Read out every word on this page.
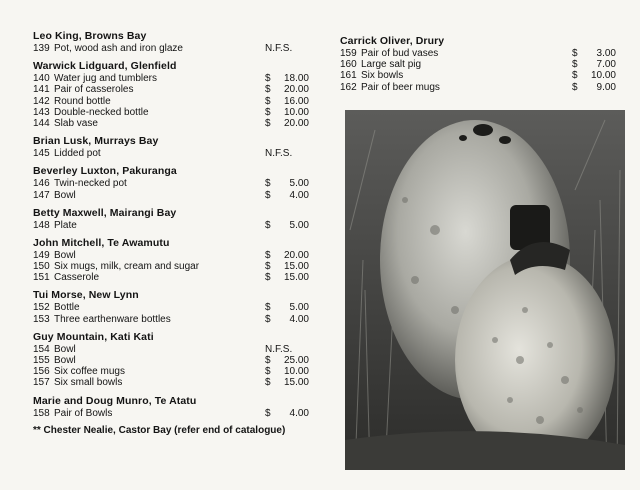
Leo King, Browns Bay
139 Pot, wood ash and iron glaze	N.F.S.
Warwick Lidguard, Glenfield
140 Water jug and tumblers	$ 18.00
141 Pair of casseroles	$ 20.00
142 Round bottle	$ 16.00
143 Double-necked bottle	$ 10.00
144 Slab vase	$ 20.00
Brian Lusk, Murrays Bay
145 Lidded pot	N.F.S.
Beverley Luxton, Pakuranga
146 Twin-necked pot	$ 5.00
147 Bowl	$ 4.00
Betty Maxwell, Mairangi Bay
148 Plate	$ 5.00
John Mitchell, Te Awamutu
149 Bowl	$ 20.00
150 Six mugs, milk, cream and sugar	$ 15.00
151 Casserole	$ 15.00
Tui Morse, New Lynn
152 Bottle	$ 5.00
153 Three earthenware bottles	$ 4.00
Guy Mountain, Kati Kati
154 Bowl	N.F.S.
155 Bowl	$ 25.00
156 Six coffee mugs	$ 10.00
157 Six small bowls	$ 15.00
Marie and Doug Munro, Te Atatu
158 Pair of Bowls	$ 4.00
** Chester Nealie, Castor Bay (refer end of catalogue)
Carrick Oliver, Drury
159 Pair of bud vases	$ 3.00
160 Large salt pig	$ 7.00
161 Six bowls	$ 10.00
162 Pair of beer mugs	$ 9.00
